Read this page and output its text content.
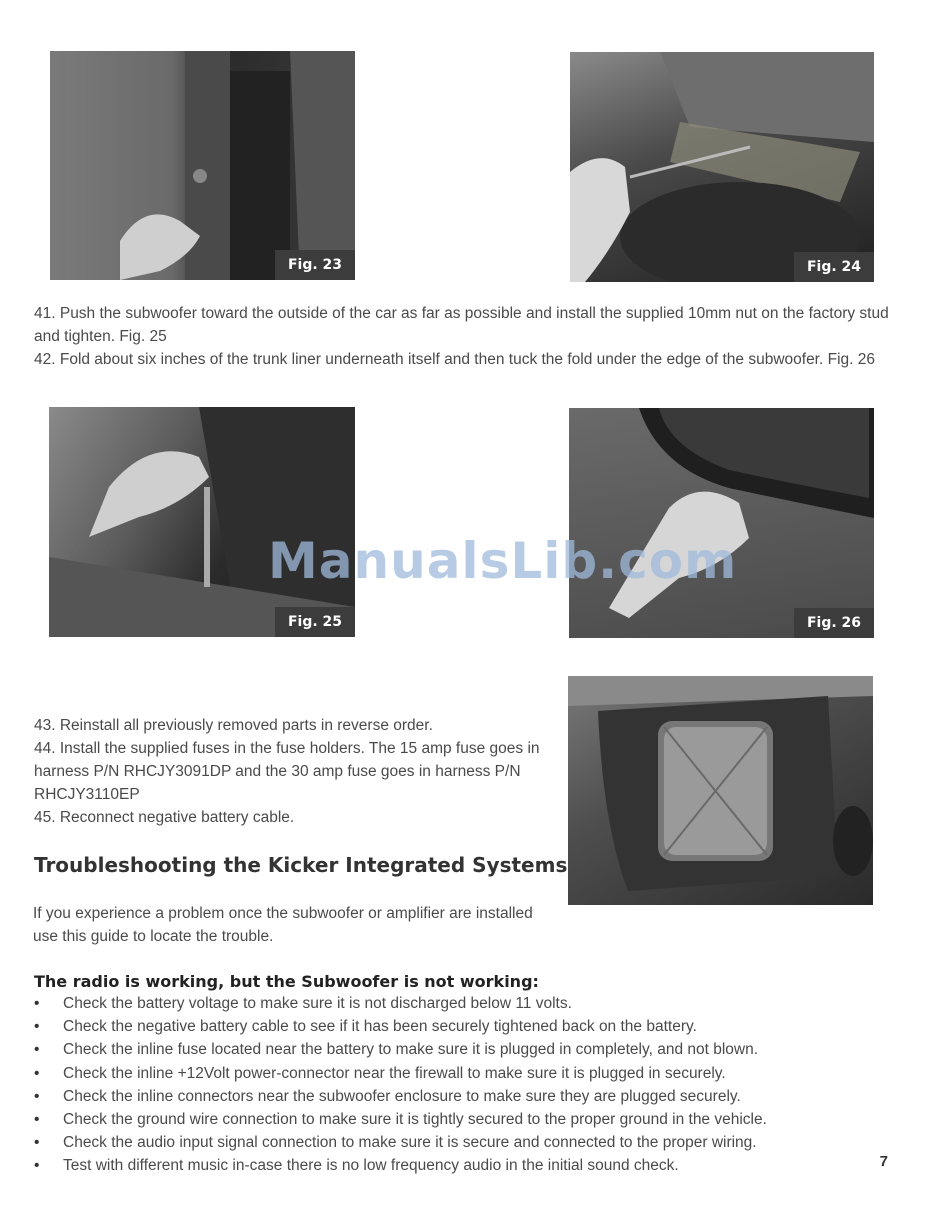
Fig. 23	Fig. 24
41. Push the subwoofer toward the outside of the car as far as possible and install the supplied 10mm nut on the factory stud and tighten. Fig. 25
42. Fold about six inches of the trunk liner underneath itself and then tuck the fold under the edge of the subwoofer. Fig. 26
Fig. 25	Fig. 26
ManualsLib.com
43. Reinstall all previously removed parts in reverse order.
44. Install the supplied fuses in the fuse holders. The 15 amp fuse goes in harness P/N RHCJY3091DP and the 30 amp fuse goes in harness P/N RHCJY3110EP
45. Reconnect negative battery cable.
Troubleshooting the Kicker Integrated Systems
If you experience a problem once the subwoofer or amplifier are installed use this guide to locate the trouble.
The radio is working, but the Subwoofer is not working:
• Check the battery voltage to make sure it is not discharged below 11 volts.
• Check the negative battery cable to see if it has been securely tightened back on the battery.
• Check the inline fuse located near the battery to make sure it is plugged in completely, and not blown.
• Check the inline +12Volt power-connector near the firewall to make sure it is plugged in securely.
• Check the inline connectors near the subwoofer enclosure to make sure they are plugged securely.
• Check the ground wire connection to make sure it is tightly secured to the proper ground in the vehicle.
• Check the audio input signal connection to make sure it is secure and connected to the proper wiring.
• Test with different music in-case there is no low frequency audio in the initial sound check.	7
